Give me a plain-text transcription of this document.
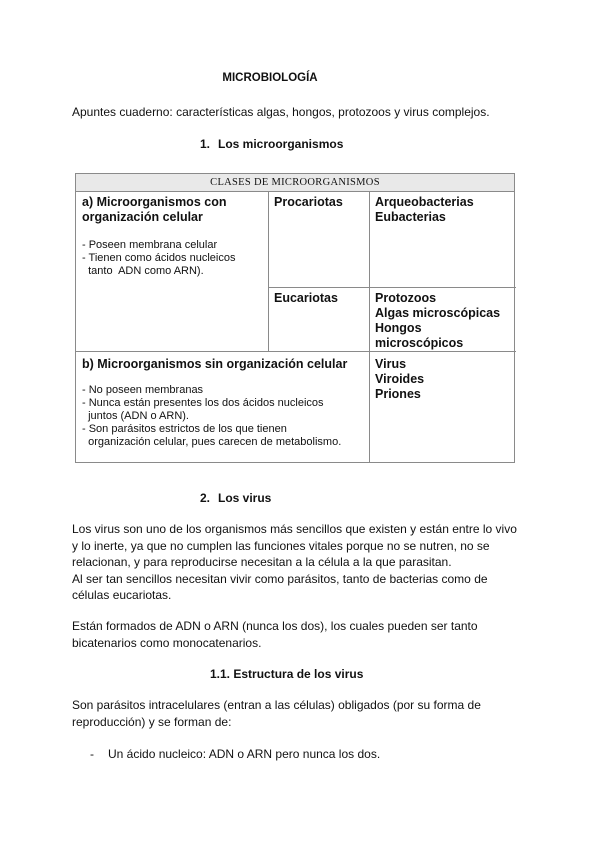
MICROBIOLOGÍA
Apuntes cuaderno: características algas, hongos, protozoos y virus complejos.
1. Los microorganismos
CLASES DE MICROORGANISMOS
a) Microorganismos con
organización celular
- Poseen membrana celular
- Tienen como ácidos nucleicos
tanto  ADN como ARN).
Procariotas	Arqueobacterias
Eubacterias
Eucariotas	Protozoos
Algas microscópicas
Hongos
microscópicos
b) Microorganismos sin organización celular
- No poseen membranas
- Nunca están presentes los dos ácidos nucleicos
juntos (ADN o ARN).
- Son parásitos estrictos de los que tienen
organización celular, pues carecen de metabolismo.
Virus
Viroides
Priones
2. Los virus
Los virus son uno de los organismos más sencillos que existen y están entre lo vivo
y lo inerte, ya que no cumplen las funciones vitales porque no se nutren, no se
relacionan, y para reproducirse necesitan a la célula a la que parasitan.
Al ser tan sencillos necesitan vivir como parásitos, tanto de bacterias como de
células eucariotas.
Están formados de ADN o ARN (nunca los dos), los cuales pueden ser tanto
bicatenarios como monocatenarios.
1.1. Estructura de los virus
Son parásitos intracelulares (entran a las células) obligados (por su forma de
reproducción) y se forman de:
- Un ácido nucleico: ADN o ARN pero nunca los dos.
